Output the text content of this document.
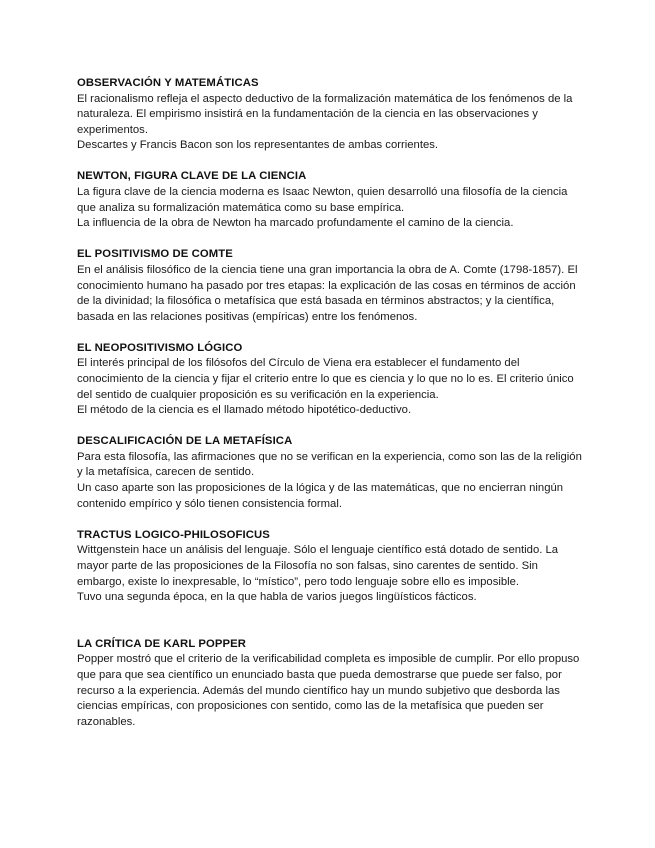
OBSERVACIÓN Y MATEMÁTICAS

El racionalismo refleja el aspecto deductivo de la formalización matemática de los fenómenos de la naturaleza. El empirismo insistirá en la fundamentación de la ciencia en las observaciones y experimentos.

Descartes y Francis Bacon son los representantes de ambas corrientes.

NEWTON, FIGURA CLAVE DE LA CIENCIA

La figura clave de la ciencia moderna es Isaac Newton, quien desarrolló una filosofía de la ciencia que analiza su formalización matemática como su base empírica.

La influencia de la obra de Newton ha marcado profundamente el camino de la ciencia.

EL POSITIVISMO DE COMTE

En el análisis filosófico de la ciencia tiene una gran importancia la obra de A. Comte (1798-1857). El conocimiento humano ha pasado por tres etapas: la explicación de las cosas en términos de acción de la divinidad; la filosófica o metafísica que está basada en términos abstractos; y la científica, basada en las relaciones positivas (empíricas) entre los fenómenos.

EL NEOPOSITIVISMO LÓGICO

El interés principal de los filósofos del Círculo de Viena era establecer el fundamento del conocimiento de la ciencia y fijar el criterio entre lo que es ciencia y lo que no lo es. El criterio único del sentido de cualquier proposición es su verificación en la experiencia.

El método de la ciencia es el llamado método hipotético-deductivo.

DESCALIFICACIÓN DE LA METAFÍSICA

Para esta filosofía, las afirmaciones que no se verifican en la experiencia, como son las de la religión y la metafísica, carecen de sentido.

Un caso aparte son las proposiciones de la lógica y de las matemáticas, que no encierran ningún contenido empírico y sólo tienen consistencia formal.

TRACTUS LOGICO-PHILOSOFICUS

Wittgenstein hace un análisis del lenguaje. Sólo el lenguaje científico está dotado de sentido. La mayor parte de las proposiciones de la Filosofía no son falsas, sino carentes de sentido. Sin embargo, existe lo inexpresable, lo “místico”, pero todo lenguaje sobre ello es imposible.

Tuvo una segunda época, en la que habla de varios juegos lingüísticos fácticos.

LA CRÍTICA DE KARL POPPER

Popper mostró que el criterio de la verificabilidad completa es imposible de cumplir. Por ello propuso que para que sea científico un enunciado basta que pueda demostrarse que puede ser falso, por recurso a la experiencia. Además del mundo científico hay un mundo subjetivo que desborda las ciencias empíricas, con proposiciones con sentido, como las de la metafísica que pueden ser razonables.
